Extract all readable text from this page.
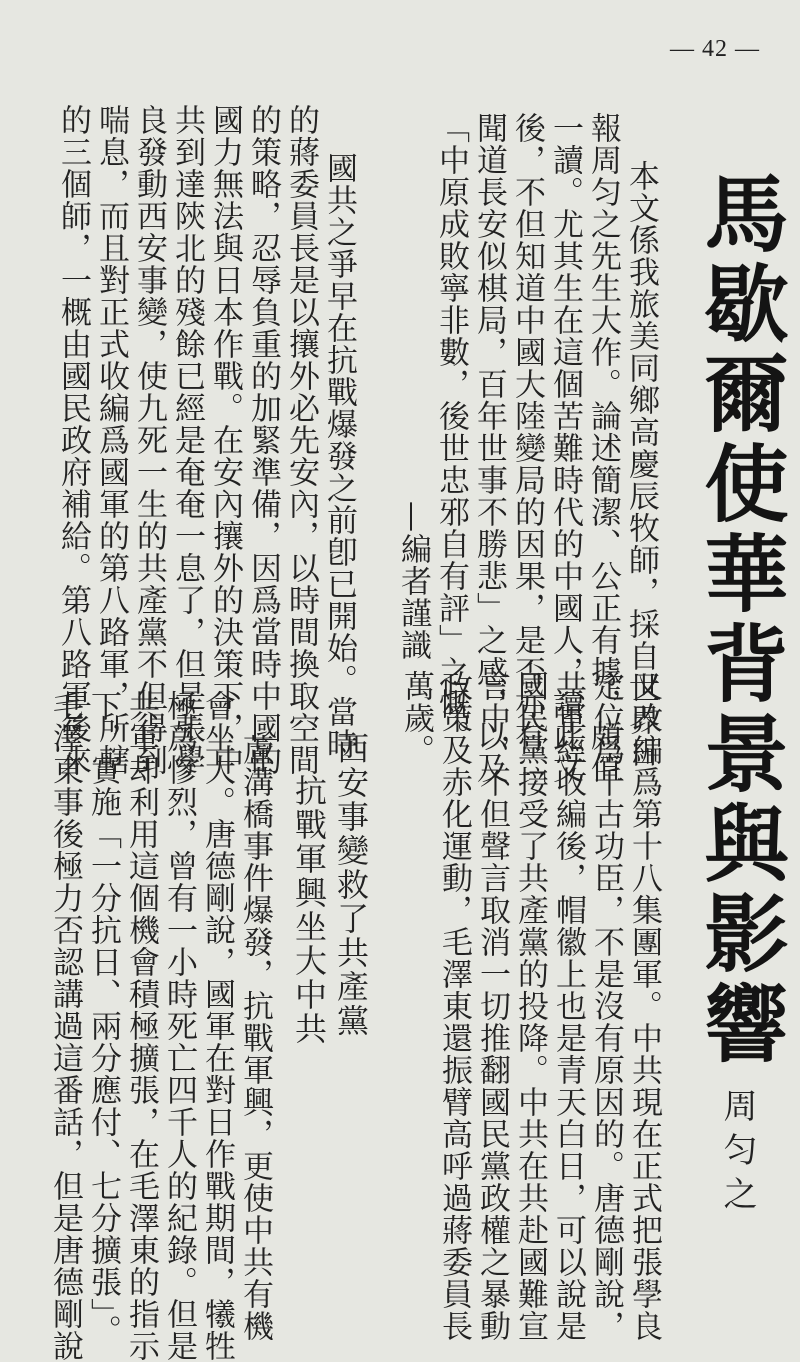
— 42 —
馬歇爾使華背景與影響
周匀之
本文係我旅美同鄉高慶辰牧師，採自世界日
報周匀之先生大作。論述簡潔、公正有據，頗值
一讀。尤其生在這個苦難時代的中國人，讀此文
後，不但知道中國大陸變局的因果，是否亦有「
聞道長安似棋局，百年世事不勝悲」之感，以及
「中原成敗寧非數，後世忠邪自有評」之慨。
—編者謹識
國共之爭早在抗戰爆發之前卽已開始。當時
的蔣委員長是以攘外必先安內，以時間換取空間
的策略，忍辱負重的加緊準備，因爲當時中國的
國力無法與日本作戰。在安內攘外的決策下，中
共到達陝北的殘餘已經是奄奄一息了，但是張學
良發動西安事變，使九死一生的共產黨不但得到
喘息，而且對正式收編爲國軍的第八路軍，所轄
的三個師，一概由國民政府補給。第八路軍後來
又改編爲第十八集團軍。中共現在正式把張學良
定位爲千古功臣，不是沒有原因的。唐德剛說，
共軍經收編後，帽徽上也是青天白日，可以說是
國民黨接受了共產黨的投降。中共在共赴國難宣
言中，不但聲言取消一切推翻國民黨政權之暴動
政策及赤化運動，毛澤東還振臂高呼過蔣委員長
萬歲。
西安事變救了共產黨
抗戰軍興坐大中共
蘆溝橋事件爆發，抗戰軍興，更使中共有機
會坐大。唐德剛說，國軍在對日作戰期間，犧牲
極爲慘烈，曾有一小時死亡四千人的紀錄。但是
共軍却利用這個機會積極擴張，在毛澤東的指示
下，實施「一分抗日、兩分應付、七分擴張」。
毛澤東事後極力否認講過這番話，但是唐德剛說
